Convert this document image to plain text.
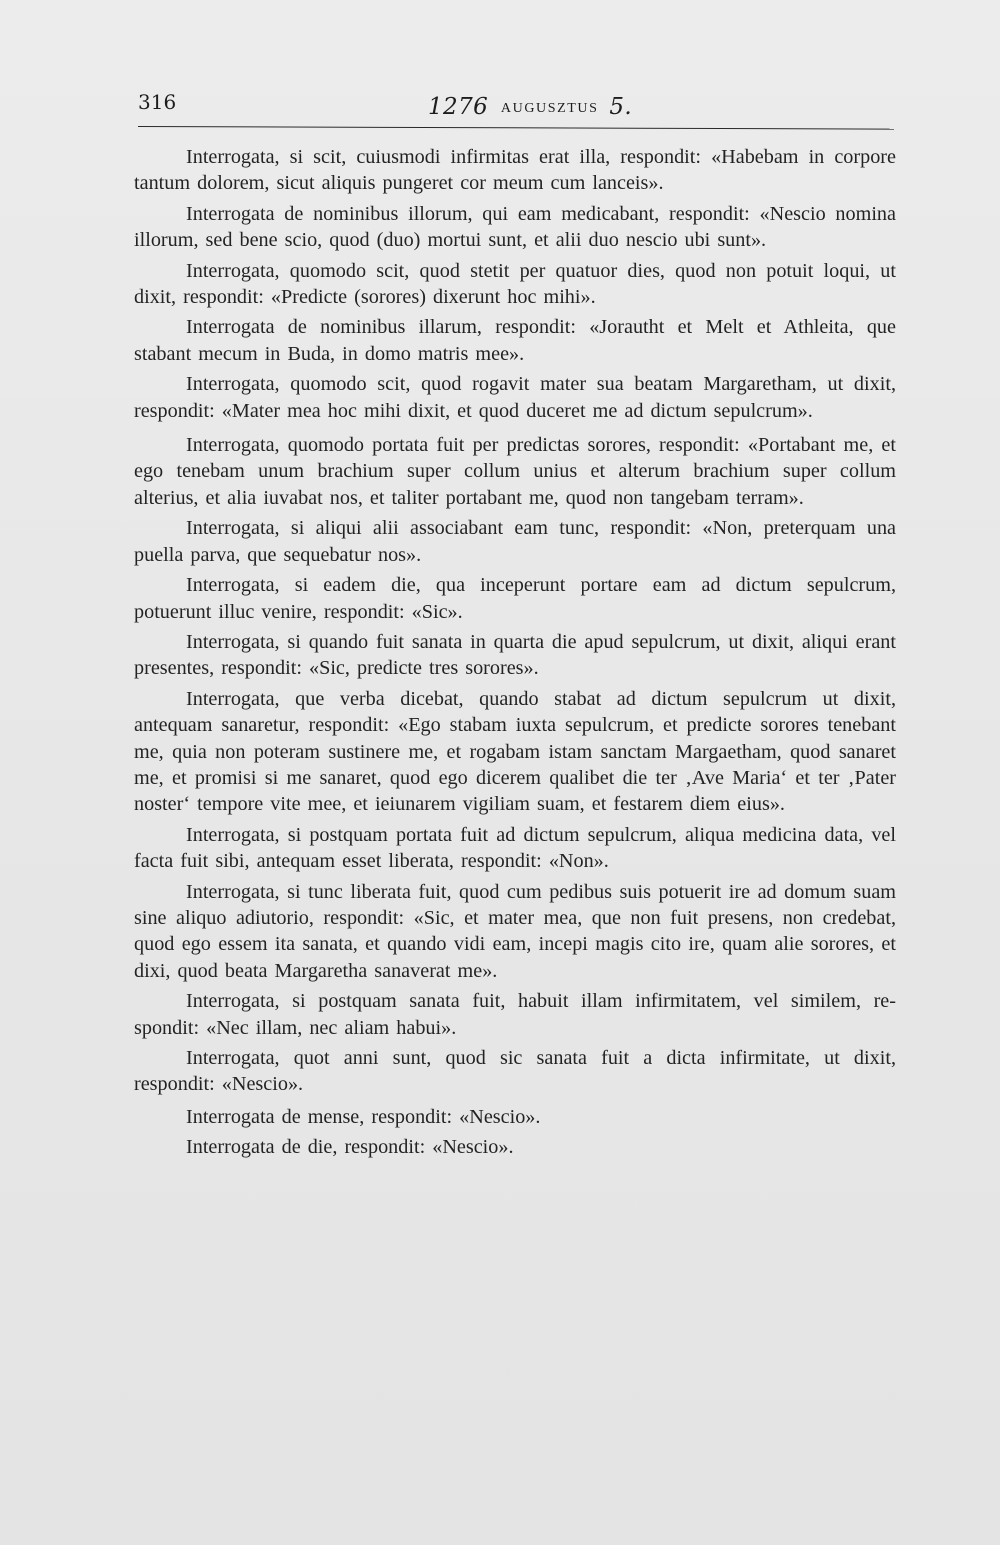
316	1276 AUGUSZTUS 5.

Interrogata, si scit, cuiusmodi infirmitas erat illa, respondit: «Habebam in corpore tantum dolorem, sicut aliquis pungeret cor meum cum lanceis».

Interrogata de nominibus illorum, qui eam medicabant, respondit: «Nescio nomina illorum, sed bene scio, quod (duo) mortui sunt, et alii duo nescio ubi sunt».

Interrogata, quomodo scit, quod stetit per quatuor dies, quod non potuit loqui, ut dixit, respondit: «Predicte (sorores) dixerunt hoc mihi».

Interrogata de nominibus illarum, respondit: «Jorautht et Melt et Athleita, que stabant mecum in Buda, in domo matris mee».

Interrogata, quomodo scit, quod rogavit mater sua beatam Margaretham, ut dixit, respondit: «Mater mea hoc mihi dixit, et quod duceret me ad dictum sepulcrum».

Interrogata, quomodo portata fuit per predictas sorores, respondit: «Portabant me, et ego tenebam unum brachium super collum unius et alterum brachium super collum alterius, et alia iuvabat nos, et taliter portabant me, quod non tangebam terram».

Interrogata, si aliqui alii associabant eam tunc, respondit: «Non, preterquam una puella parva, que sequebatur nos».

Interrogata, si eadem die, qua inceperunt portare eam ad dictum sepulcrum, potuerunt illuc venire, respondit: «Sic».

Interrogata, si quando fuit sanata in quarta die apud sepulcrum, ut dixit, aliqui erant presentes, respondit: «Sic, predicte tres sorores».

Interrogata, que verba dicebat, quando stabat ad dictum sepulcrum ut dixit, antequam sanaretur, respondit: «Ego stabam iuxta sepulcrum, et predicte sorores tenebant me, quia non poteram sustinere me, et rogabam istam sanctam Margaetham, quod sanaret me, et promisi si me sanaret, quod ego dicerem qualibet die ter ‚Ave Maria‘ et ter ‚Pater noster‘ tempore vite mee, et ieiunarem vigiliam suam, et festarem diem eius».

Interrogata, si postquam portata fuit ad dictum sepulcrum, aliqua medicina data, vel facta fuit sibi, antequam esset liberata, respondit: «Non».

Interrogata, si tunc liberata fuit, quod cum pedibus suis potuerit ire ad domum suam sine aliquo adiutorio, respondit: «Sic, et mater mea, que non fuit presens, non credebat, quod ego essem ita sanata, et quando vidi eam, incepi magis cito ire, quam alie sorores, et dixi, quod beata Margaretha sanaverat me».

Interrogata, si postquam sanata fuit, habuit illam infirmitatem, vel similem, respondit: «Nec illam, nec aliam habui».

Interrogata, quot anni sunt, quod sic sanata fuit a dicta infirmitate, ut dixit, respondit: «Nescio».

Interrogata de mense, respondit: «Nescio».

Interrogata de die, respondit: «Nescio».
